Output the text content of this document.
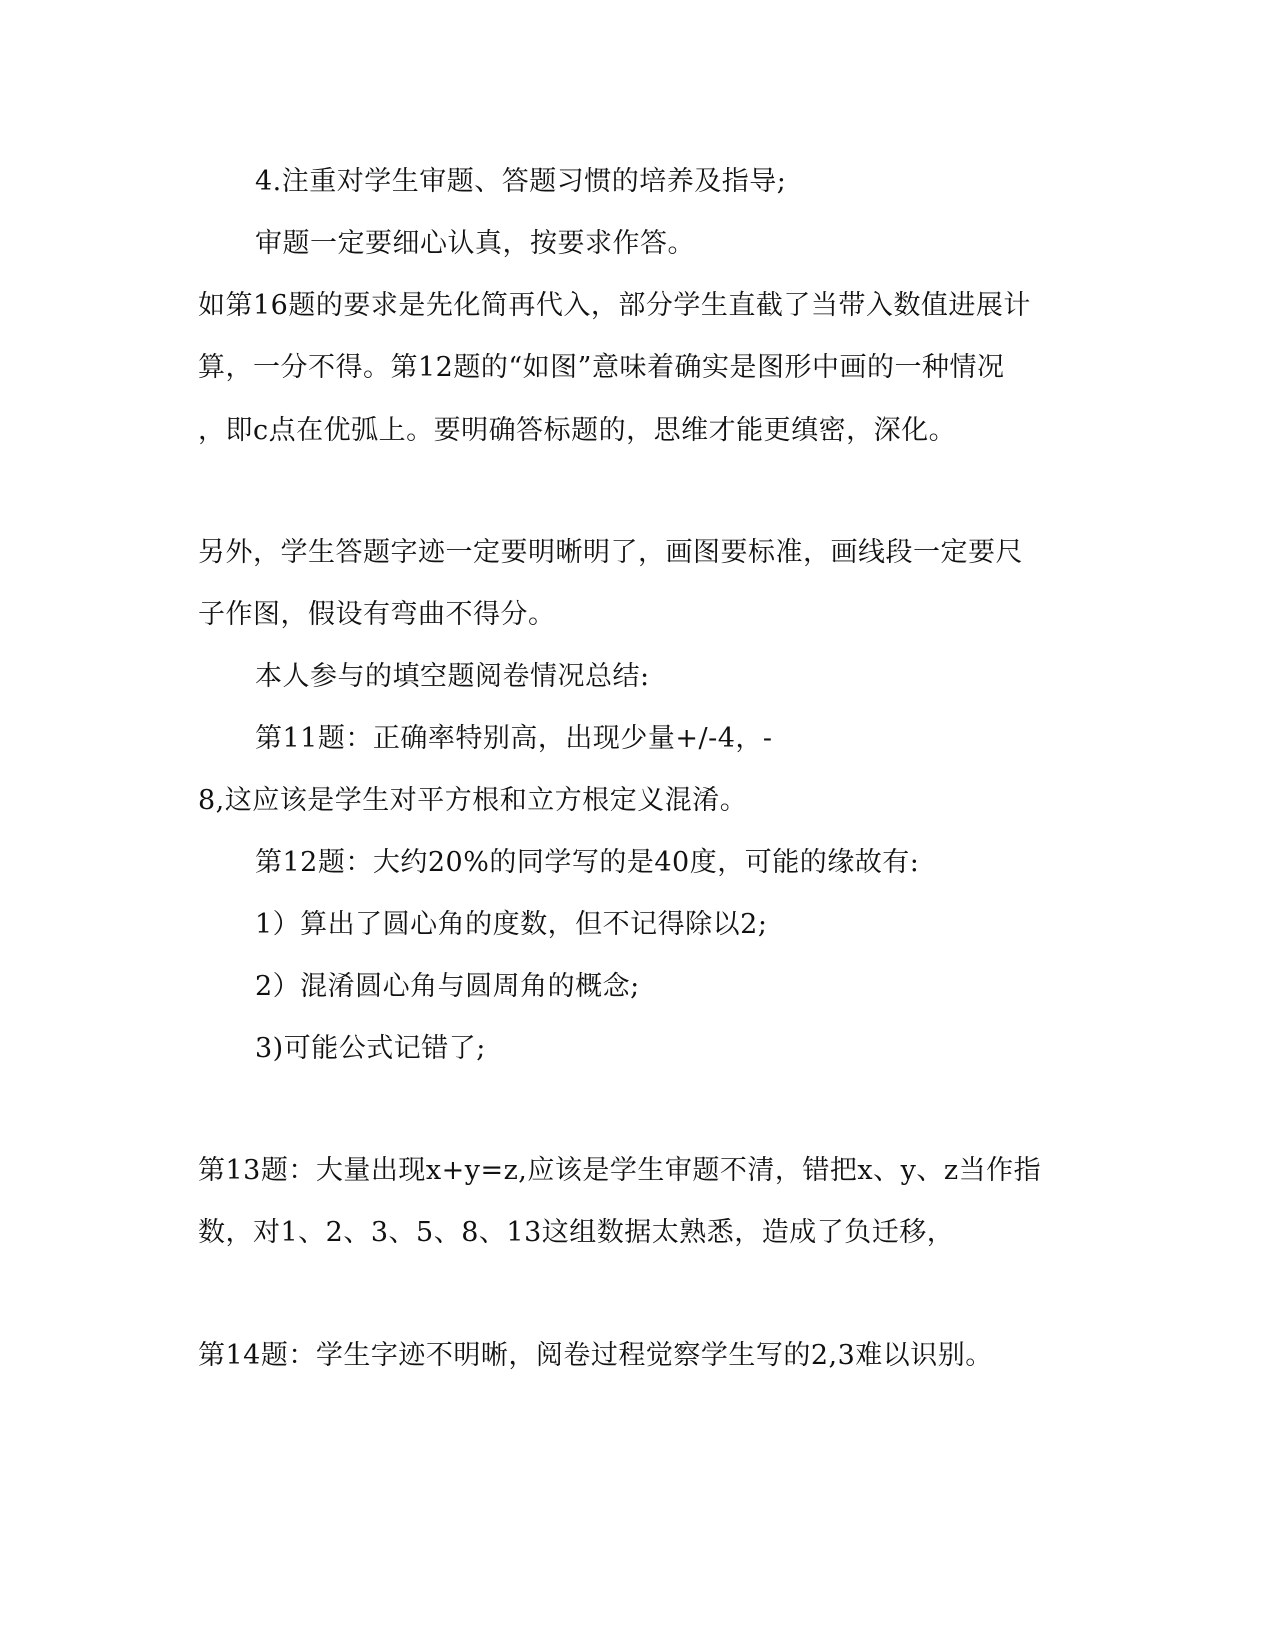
4.注重对学生审题、答题习惯的培养及指导;
审题一定要细心认真，按要求作答。
如第16题的要求是先化简再代入，部分学生直截了当带入数值进展计
算，一分不得。第12题的“如图”意味着确实是图形中画的一种情况
，即c点在优弧上。要明确答标题的，思维才能更缜密，深化。
另外，学生答题字迹一定要明晰明了，画图要标准，画线段一定要尺
子作图，假设有弯曲不得分。
本人参与的填空题阅卷情况总结:
第11题：正确率特别高，出现少量+/-4，-
8,这应该是学生对平方根和立方根定义混淆。
第12题：大约20%的同学写的是40度，可能的缘故有:
1）算出了圆心角的度数，但不记得除以2;
2）混淆圆心角与圆周角的概念;
3)可能公式记错了;
第13题：大量出现x+y=z,应该是学生审题不清，错把x、y、z当作指
数，对1、2、3、5、8、13这组数据太熟悉，造成了负迁移，
第14题：学生字迹不明晰，阅卷过程觉察学生写的2,3难以识别。
